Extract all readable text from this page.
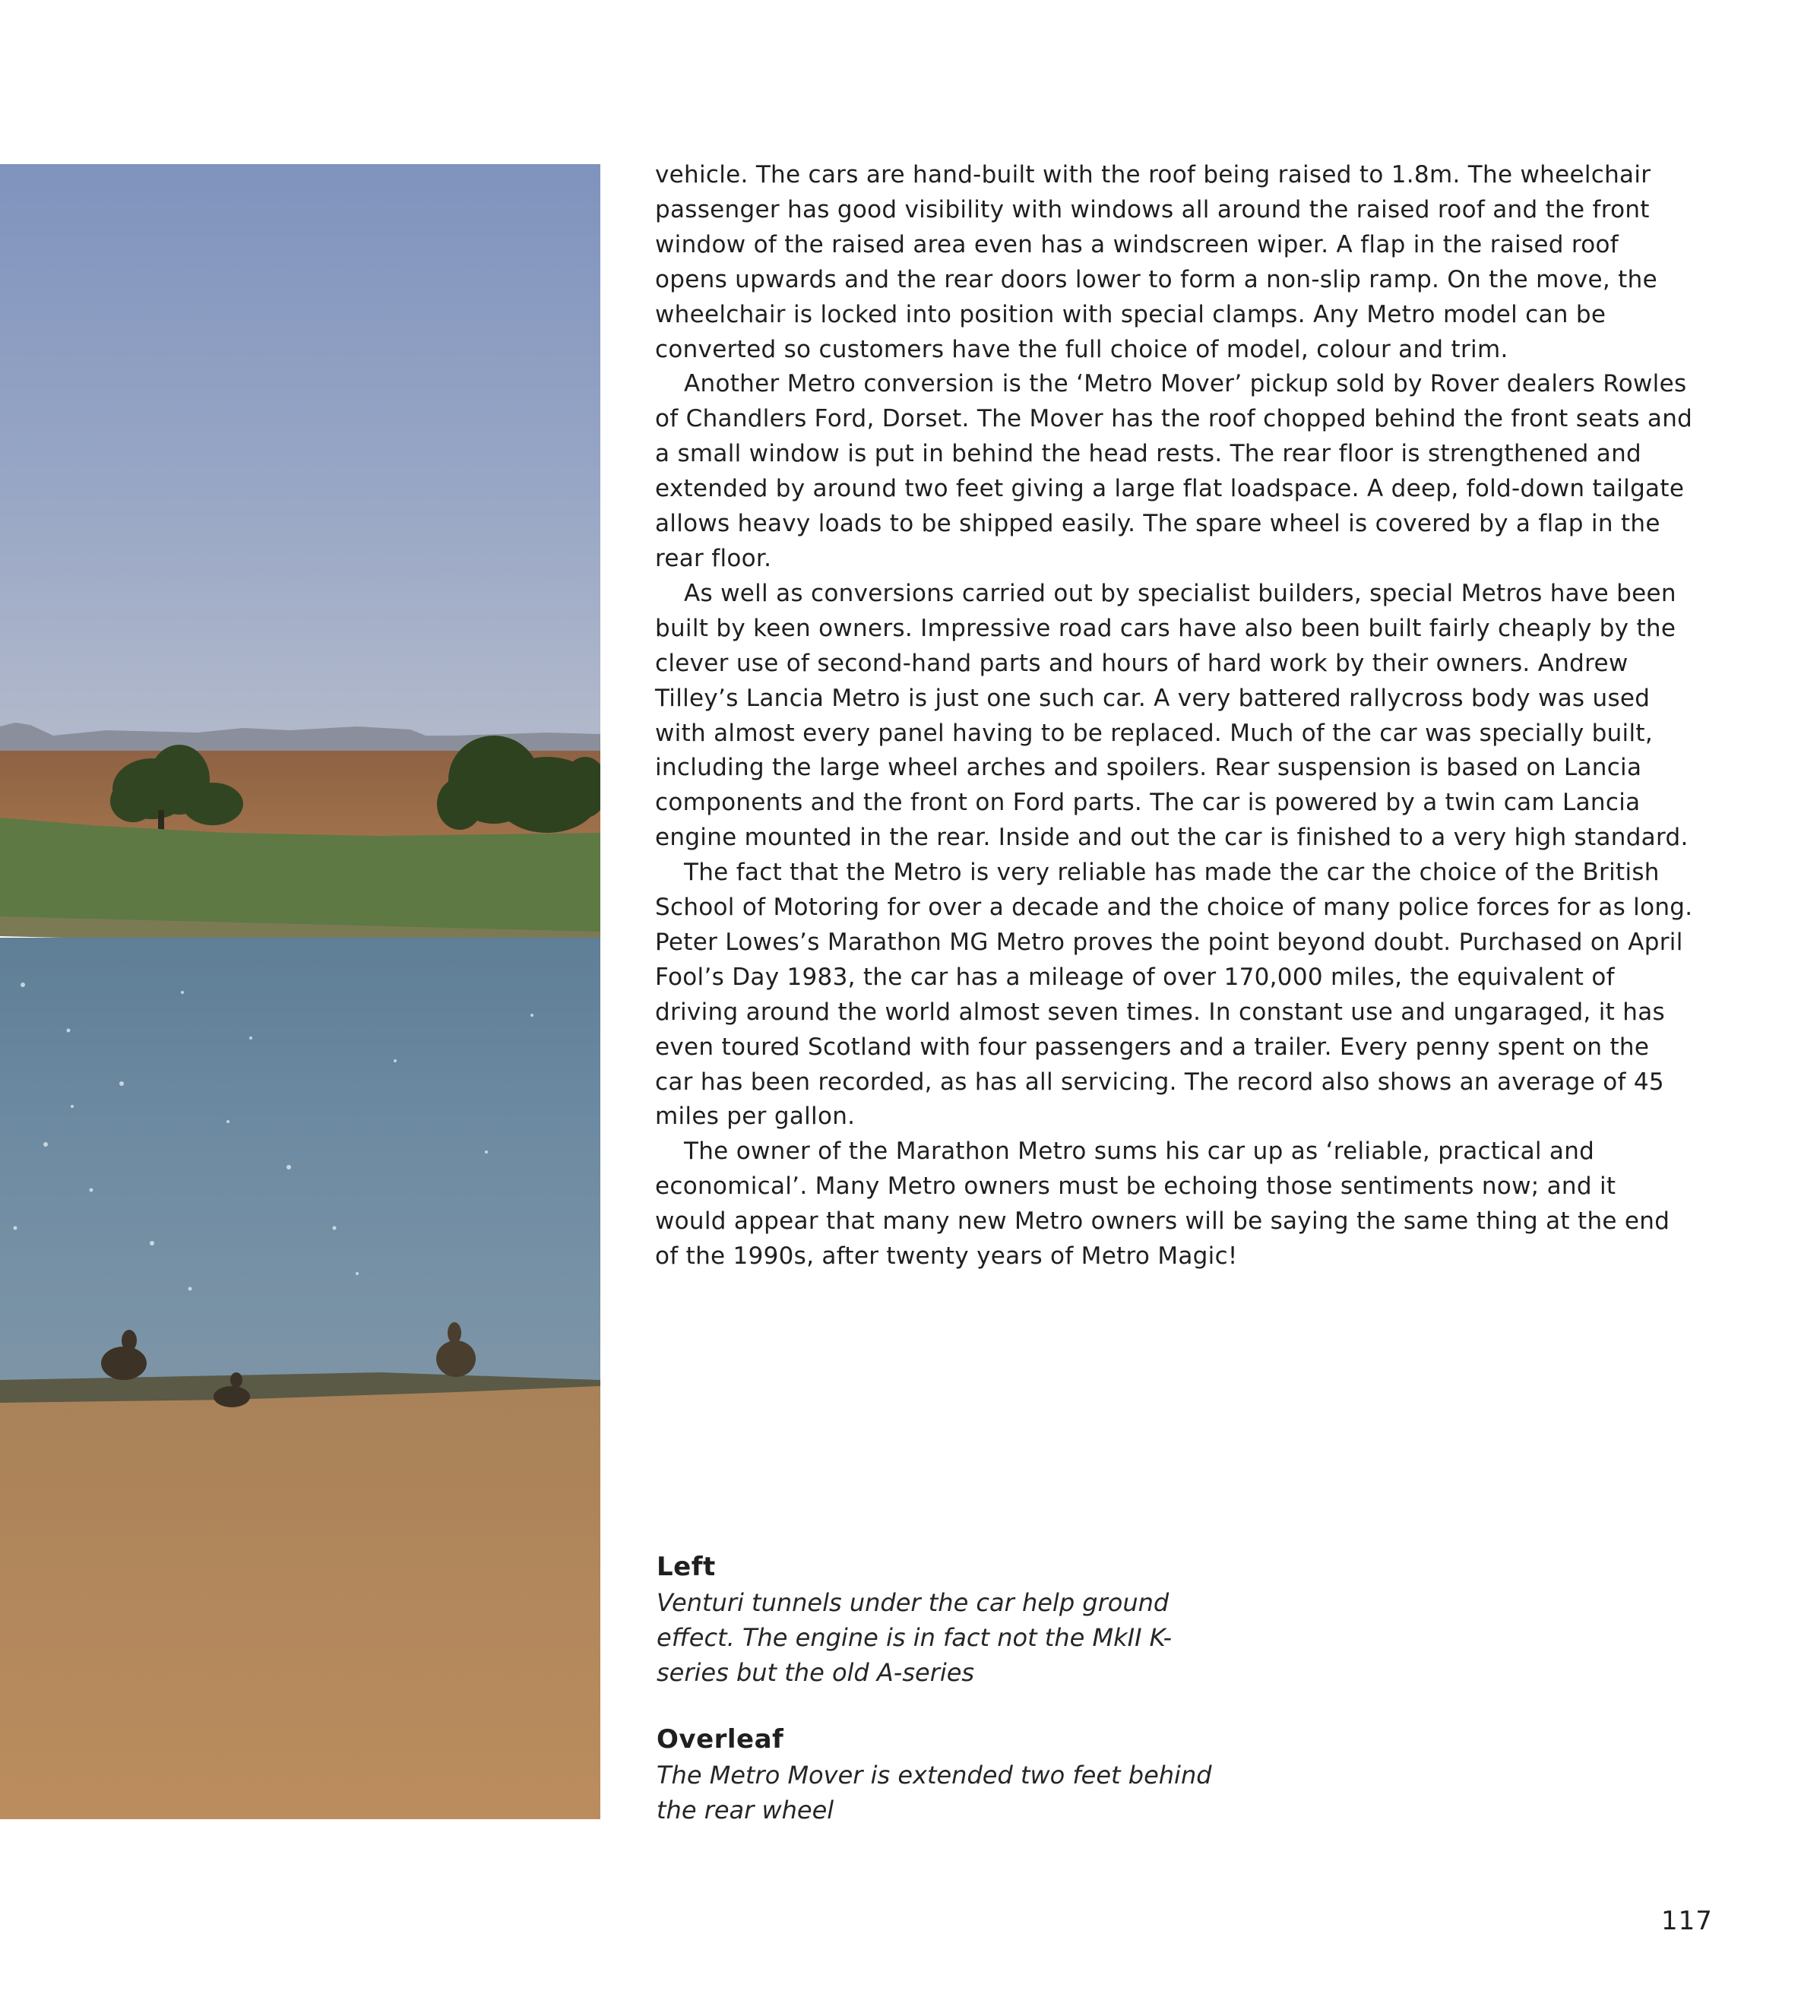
vehicle. The cars are hand-built with the roof being raised to 1.8m. The wheelchair passenger has good visibility with windows all around the raised roof and the front window of the raised area even has a windscreen wiper. A flap in the raised roof opens upwards and the rear doors lower to form a non-slip ramp. On the move, the wheelchair is locked into position with special clamps. Any Metro model can be converted so customers have the full choice of model, colour and trim.

Another Metro conversion is the ‘Metro Mover’ pickup sold by Rover dealers Rowles of Chandlers Ford, Dorset. The Mover has the roof chopped behind the front seats and a small window is put in behind the head rests. The rear floor is strengthened and extended by around two feet giving a large flat loadspace. A deep, fold-down tailgate allows heavy loads to be shipped easily. The spare wheel is covered by a flap in the rear floor.

As well as conversions carried out by specialist builders, special Metros have been built by keen owners. Impressive road cars have also been built fairly cheaply by the clever use of second-hand parts and hours of hard work by their owners. Andrew Tilley’s Lancia Metro is just one such car. A very battered rallycross body was used with almost every panel having to be replaced. Much of the car was specially built, including the large wheel arches and spoilers. Rear suspension is based on Lancia components and the front on Ford parts. The car is powered by a twin cam Lancia engine mounted in the rear. Inside and out the car is finished to a very high standard.

The fact that the Metro is very reliable has made the car the choice of the British School of Motoring for over a decade and the choice of many police forces for as long. Peter Lowes’s Marathon MG Metro proves the point beyond doubt. Purchased on April Fool’s Day 1983, the car has a mileage of over 170,000 miles, the equivalent of driving around the world almost seven times. In constant use and ungaraged, it has even toured Scotland with four passengers and a trailer. Every penny spent on the car has been recorded, as has all servicing. The record also shows an average of 45 miles per gallon.

The owner of the Marathon Metro sums his car up as ‘reliable, practical and economical’. Many Metro owners must be echoing those sentiments now; and it would appear that many new Metro owners will be saying the same thing at the end of the 1990s, after twenty years of Metro Magic!

Left
Venturi tunnels under the car help ground effect. The engine is in fact not the MkII K-series but the old A-series
Overleaf
The Metro Mover is extended two feet behind the rear wheel
117
